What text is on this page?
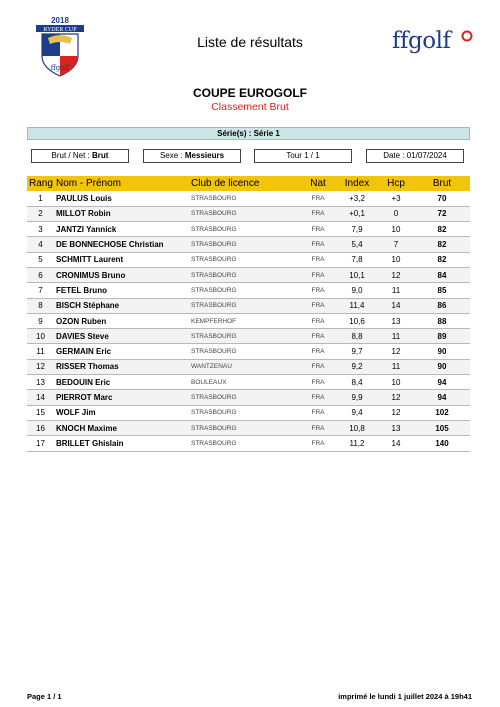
2018
RYDER CUP
ffgolf
Liste de résultats	ffgolf
COUPE EUROGOLF
Classement Brut
Série(s) : Série 1
Brut / Net : Brut	Sexe : Messieurs	Tour 1 / 1	Date : 01/07/2024
Rang	Nom - Prénom	Club de licence	Nat	Index	Hcp	Brut
1	PAULUS Louis	STRASBOURG	FRA	+3,2	+3	70
2	MILLOT Robin	STRASBOURG	FRA	+0,1	0	72
3	JANTZI Yannick	STRASBOURG	FRA	7,9	10	82
4	DE BONNECHOSE Christian	STRASBOURG	FRA	5,4	7	82
5	SCHMITT Laurent	STRASBOURG	FRA	7,8	10	82
6	CRONIMUS Bruno	STRASBOURG	FRA	10,1	12	84
7	FETEL Bruno	STRASBOURG	FRA	9,0	11	85
8	BISCH Stéphane	STRASBOURG	FRA	11,4	14	86
9	OZON Ruben	KEMPFERHOF	FRA	10,6	13	88
10	DAVIES Steve	STRASBOURG	FRA	8,8	11	89
11	GERMAIN Eric	STRASBOURG	FRA	9,7	12	90
12	RISSER Thomas	WANTZENAU	FRA	9,2	11	90
13	BEDOUIN Eric	BOULEAUX	FRA	8,4	10	94
14	PIERROT Marc	STRASBOURG	FRA	9,9	12	94
15	WOLF Jim	STRASBOURG	FRA	9,4	12	102
16	KNOCH Maxime	STRASBOURG	FRA	10,8	13	105
17	BRILLET Ghislain	STRASBOURG	FRA	11,2	14	140
Page 1 / 1	imprimé le lundi 1 juillet 2024 à 19h41
